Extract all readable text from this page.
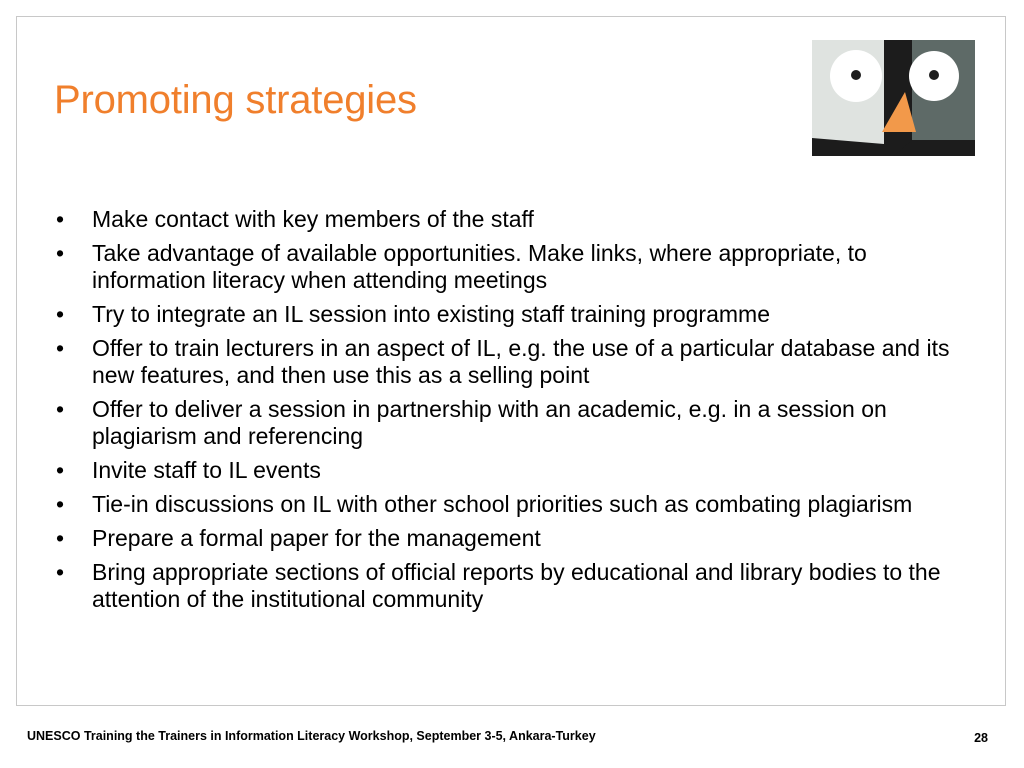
Promoting strategies
• Make contact with key members of the staff
• Take advantage of available opportunities. Make links, where appropriate, to information literacy when attending meetings
• Try to integrate an IL session into existing staff training programme
• Offer to train lecturers in an aspect of IL, e.g. the use of a particular database and its new features, and then use this as a selling point
• Offer to deliver a session in partnership with an academic, e.g. in a session on plagiarism and referencing
• Invite staff to IL events
• Tie-in discussions on IL with other school priorities such as combating plagiarism
• Prepare a formal paper for the management
• Bring appropriate sections of official reports by educational and library bodies to the attention of the institutional community
UNESCO Training the Trainers in Information Literacy Workshop, September 3-5, Ankara-Turkey	28
